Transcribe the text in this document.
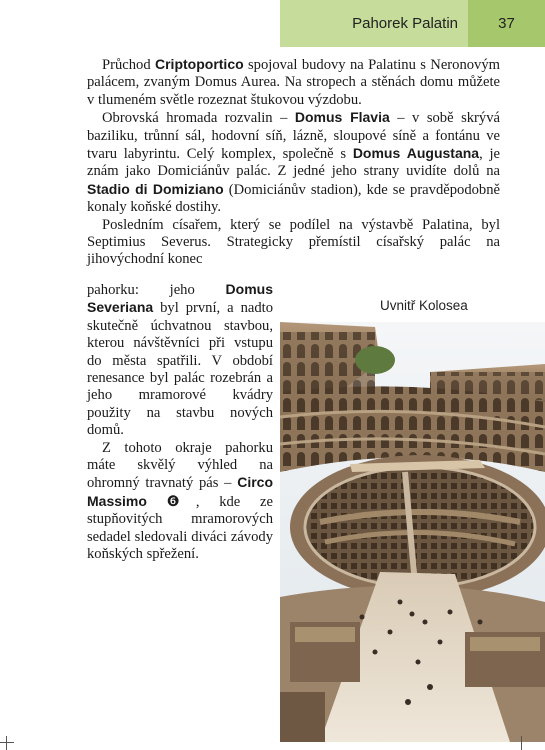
Pahorek Palatin	37

Průchod Criptoportico spojoval budovy na Palatinu s Neronovým palácem, zvaným Domus Aurea. Na stropech a stěnách domu můžete v tlumeném světle rozeznat štukovou výzdobu.

Obrovská hromada rozvalin – Domus Flavia – v sobě skrývá baziliku, trůnní sál, hodovní síň, lázně, sloupové síně a fontánu ve tvaru labyrintu. Celý komplex, společně s Domus Augustana, je znám jako Domiciánův palác. Z jedné jeho strany uvidíte dolů na Stadio di Domiziano (Domiciánův stadion), kde se pravděpodobně konaly koňské dostihy.

Posledním císařem, který se podílel na výstavbě Palatina, byl Septimius Severus. Strategicky přemístil císařský palác na jihovýchodní konec

pahorku: jeho Domus Severiana byl první, a nadto skutečně úchvatnou stavbou, kterou návštěvníci při vstupu do města spatřili. V období renesance byl palác rozebrán a jeho mramorové kvádry použity na stavbu nových domů.

Z tohoto okraje pahorku máte skvělý výhled na ohromný travnatý pás – Circo Massimo ❻, kde ze stupňovitých mramorových sedadel sledovali diváci závody koňských spřežení.

Uvnitř Kolosea
